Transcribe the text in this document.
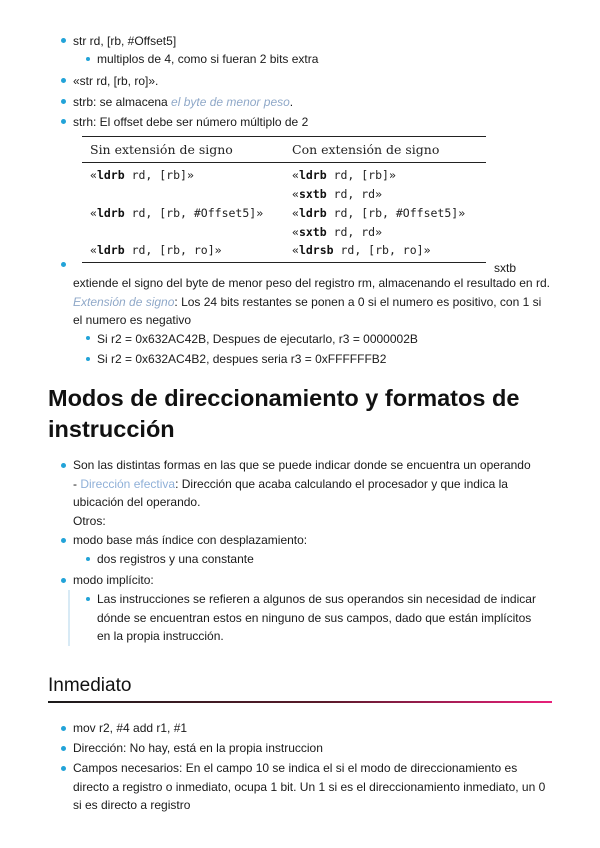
str rd, [rb, #Offset5]
multiplos de 4, como si fueran 2 bits extra
«str rd, [rb, ro]».
strb: se almacena el byte de menor peso.
strh: El offset debe ser número múltiplo de 2
Sin extensión de signo	Con extensión de signo
«ldrb rd, [rb]»
«ldrb rd, [rb, #Offset5]»
«ldrb rd, [rb, ro]»
«ldrb rd, [rb]»
«sxtb rd, rd»
«ldrb rd, [rb, #Offset5]»
«sxtb rd, rd»
«ldrsb rd, [rb, ro]»
sxtb
extiende el signo del byte de menor peso del registro rm, almacenando el resultado en rd. Extensión de signo: Los 24 bits restantes se ponen a 0 si el numero es positivo, con 1 si el numero es negativo
Si r2 = 0x632AC42B, Despues de ejecutarlo, r3 = 0000002B
Si r2 = 0x632AC4B2, despues seria r3 = 0xFFFFFFB2
Modos de direccionamiento y formatos de instrucción
Son las distintas formas en las que se puede indicar donde se encuentra un operando
- Dirección efectiva: Dirección que acaba calculando el procesador y que indica la ubicación del operando.
Otros:
modo base más índice con desplazamiento:
dos registros y una constante
modo implícito:
Las instrucciones se refieren a algunos de sus operandos sin necesidad de indicar dónde se encuentran estos en ninguno de sus campos, dado que están implícitos en la propia instrucción.
Inmediato
mov r2, #4 add r1, #1
Dirección: No hay, está en la propia instruccion
Campos necesarios: En el campo 10 se indica el si el modo de direccionamiento es directo a registro o inmediato, ocupa 1 bit. Un 1 si es el direccionamiento inmediato, un 0 si es directo a registro
